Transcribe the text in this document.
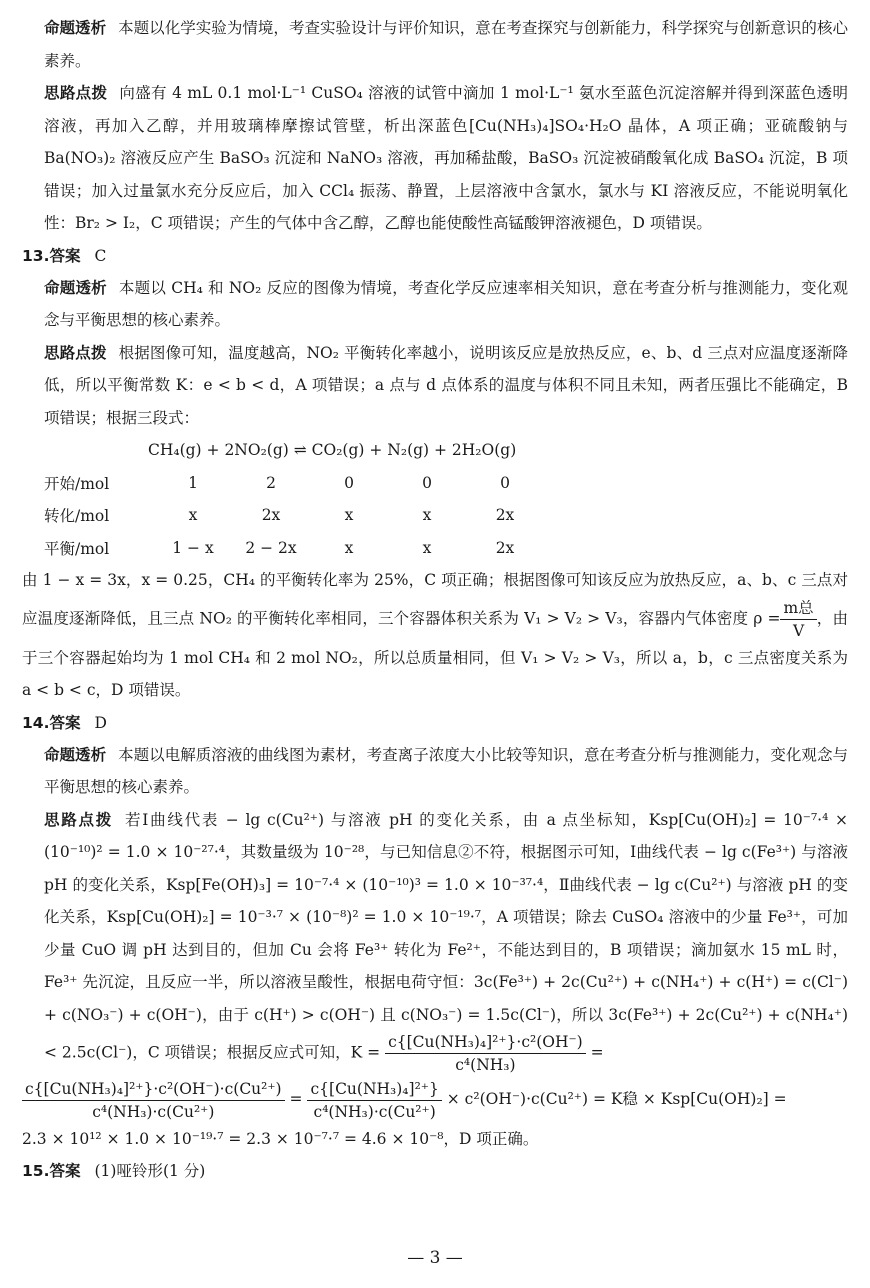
命题透析 本题以化学实验为情境，考查实验设计与评价知识，意在考查探究与创新能力，科学探究与创新意识的核心素养。

思路点拨 向盛有 4 mL 0.1 mol·L⁻¹ CuSO₄ 溶液的试管中滴加 1 mol·L⁻¹ 氨水至蓝色沉淀溶解并得到深蓝色透明溶液，再加入乙醇，并用玻璃棒摩擦试管壁，析出深蓝色[Cu(NH₃)₄]SO₄·H₂O 晶体，A 项正确；亚硫酸钠与 Ba(NO₃)₂ 溶液反应产生 BaSO₃ 沉淀和 NaNO₃ 溶液，再加稀盐酸，BaSO₃ 沉淀被硝酸氧化成 BaSO₄ 沉淀，B 项错误；加入过量氯水充分反应后，加入 CCl₄ 振荡、静置，上层溶液中含氯水，氯水与 KI 溶液反应，不能说明氧化性：Br₂ > I₂，C 项错误；产生的气体中含乙醇，乙醇也能使酸性高锰酸钾溶液褪色，D 项错误。

13.答案 C

命题透析 本题以 CH₄ 和 NO₂ 反应的图像为情境，考查化学反应速率相关知识，意在考查分析与推测能力，变化观念与平衡思想的核心素养。

思路点拨 根据图像可知，温度越高，NO₂ 平衡转化率越小，说明该反应是放热反应，e、b、d 三点对应温度逐渐降低，所以平衡常数 K：e < b < d，A 项错误；a 点与 d 点体系的温度与体积不同且未知，两者压强比不能确定，B 项错误；根据三段式：

CH₄(g) + 2NO₂(g) ⇌ CO₂(g) + N₂(g) + 2H₂O(g)

开始/mol	1	2	0	0	0
转化/mol	x	2x	x	x	2x
平衡/mol	1 − x	2 − 2x	x	x	2x

由 1 − x = 3x，x = 0.25，CH₄ 的平衡转化率为 25%，C 项正确；根据图像可知该反应为放热反应，a、b、c 三点对应温度逐渐降低，且三点 NO₂ 的平衡转化率相同，三个容器体积关系为 V₁ > V₂ > V₃，容器内气体密度 $\rho = \frac{\text{m总}}{V}$ ，由于三个容器起始均为 1 mol CH₄ 和 2 mol NO₂，所以总质量相同，但 V₁ > V₂ > V₃，所以 a，b，c 三点密度关系为 a < b < c，D 项错误。

14.答案 D

命题透析 本题以电解质溶液的曲线图为素材，考查离子浓度大小比较等知识，意在考查分析与推测能力，变化观念与平衡思想的核心素养。

思路点拨 若Ⅰ曲线代表 − lg c(Cu²⁺) 与溶液 pH 的变化关系，由 a 点坐标知，Ksp[Cu(OH)₂] = 10⁻⁷·⁴ × (10⁻¹⁰)² = 1.0 × 10⁻²⁷·⁴，其数量级为 10⁻²⁸，与已知信息②不符，根据图示可知，Ⅰ曲线代表 − lg c(Fe³⁺) 与溶液 pH 的变化关系，Ksp[Fe(OH)₃] = 10⁻⁷·⁴ × (10⁻¹⁰)³ = 1.0 × 10⁻³⁷·⁴，Ⅱ曲线代表 − lg c(Cu²⁺) 与溶液 pH 的变化关系，Ksp[Cu(OH)₂] = 10⁻³·⁷ × (10⁻⁸)² = 1.0 × 10⁻¹⁹·⁷，A 项错误；除去 CuSO₄ 溶液中的少量 Fe³⁺，可加少量 CuO 调 pH 达到目的，但加 Cu 会将 Fe³⁺ 转化为 Fe²⁺，不能达到目的，B 项错误；滴加氨水 15 mL 时，Fe³⁺ 先沉淀，且反应一半，所以溶液呈酸性，根据电荷守恒：3c(Fe³⁺) + 2c(Cu²⁺) + c(NH₄⁺) + c(H⁺) = c(Cl⁻) + c(NO₃⁻) + c(OH⁻)，由于 c(H⁺) > c(OH⁻) 且 c(NO₃⁻) = 1.5c(Cl⁻)，所以 3c(Fe³⁺) + 2c(Cu²⁺) + c(NH₄⁺) < 2.5c(Cl⁻)，C 项错误；根据反应式可知，$K = \frac{\text{c\{[Cu(NH₃)₄]²⁺\}·c²(OH⁻)}}{\text{c⁴(NH₃)}}$ =

$\frac{\text{c\{[Cu(NH₃)₄]²⁺\}·c²(OH⁻)·c(Cu²⁺)}}{\text{c⁴(NH₃)·c(Cu²⁺)}} = \frac{\text{c\{[Cu(NH₃)₄]²⁺\}}}{\text{c⁴(NH₃)·c(Cu²⁺)}} \times c^2(OH^-)\cdot c(Cu^{2+}) = K$稳 × Ksp[Cu(OH)₂] =

2.3 × 10¹² × 1.0 × 10⁻¹⁹·⁷ = 2.3 × 10⁻⁷·⁷ = 4.6 × 10⁻⁸，D 项正确。

15.答案 (1)哑铃形(1 分)

— 3 —
